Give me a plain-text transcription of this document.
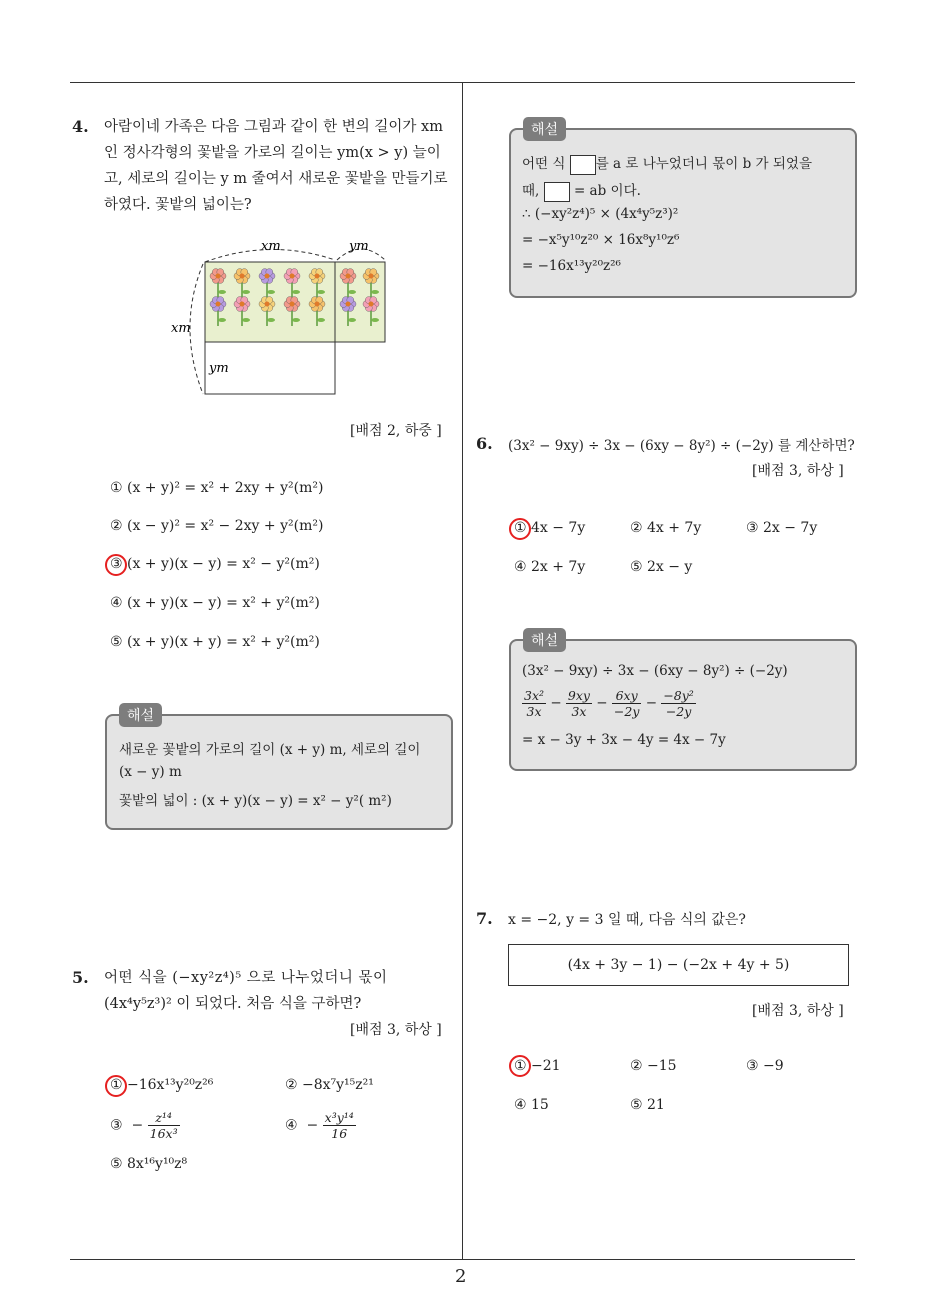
2
4. 아람이네 가족은 다음 그림과 같이 한 변의 길이가 xm
인 정사각형의 꽃밭을 가로의 길이는 ym(x > y) 늘이
고, 세로의 길이는 y m 줄여서 새로운 꽃밭을 만들기로
하였다. 꽃밭의 넓이는?
xm	ym
xm
ym
[배점 2, 하중 ]
① (x + y)² = x² + 2xy + y²(m²)
② (x − y)² = x² − 2xy + y²(m²)
③ (x + y)(x − y) = x² − y²(m²)
④ (x + y)(x − y) = x² + y²(m²)
⑤ (x + y)(x + y) = x² + y²(m²)
해설
새로운 꽃밭의 가로의 길이 (x + y) m, 세로의 길이
(x − y) m
꽃밭의 넓이 : (x + y)(x − y) = x² − y²( m²)
5. 어떤 식을 (−xy²z⁴)⁵ 으로 나누었더니 몫이
(4x⁴y⁵z³)² 이 되었다. 처음 식을 구하면?
[배점 3, 하상 ]
① −16x¹³y²⁰z²⁶	② −8x⁷y¹⁵z²¹
③ − $\frac{\text{z¹⁴}}{\text{16x³}}$	④ − $\frac{\text{x³y¹⁴}}{16}$
⑤ 8x¹⁶y¹⁰z⁸
해설
어떤 식 를 a 로 나누었더니 몫이 b 가 되었을
때,	= ab 이다.
∴ (−xy²z⁴)⁵ × (4x⁴y⁵z³)²
= −x⁵y¹⁰z²⁰ × 16x⁸y¹⁰z⁶
= −16x¹³y²⁰z²⁶
6. (3x² − 9xy) ÷ 3x − (6xy − 8y²) ÷ (−2y) 를 계산하면?
[배점 3, 하상 ]
① 4x − 7y	② 4x + 7y	③ 2x − 7y
④ 2x + 7y	⑤ 2x − y
해설
(3x² − 9xy) ÷ 3x − (6xy − 8y²) ÷ (−2y)
$\frac{\text{3x²}}{3x} - \frac{9xy}{3x} - \frac{6xy}{-2y} - \frac{\text{−8y²}}{-2y}$
= x − 3y + 3x − 4y = 4x − 7y
7. x = −2, y = 3 일 때, 다음 식의 값은?
(4x + 3y − 1) − (−2x + 4y + 5)
[배점 3, 하상 ]
① −21	② −15	③ −9
④ 15	⑤ 21
